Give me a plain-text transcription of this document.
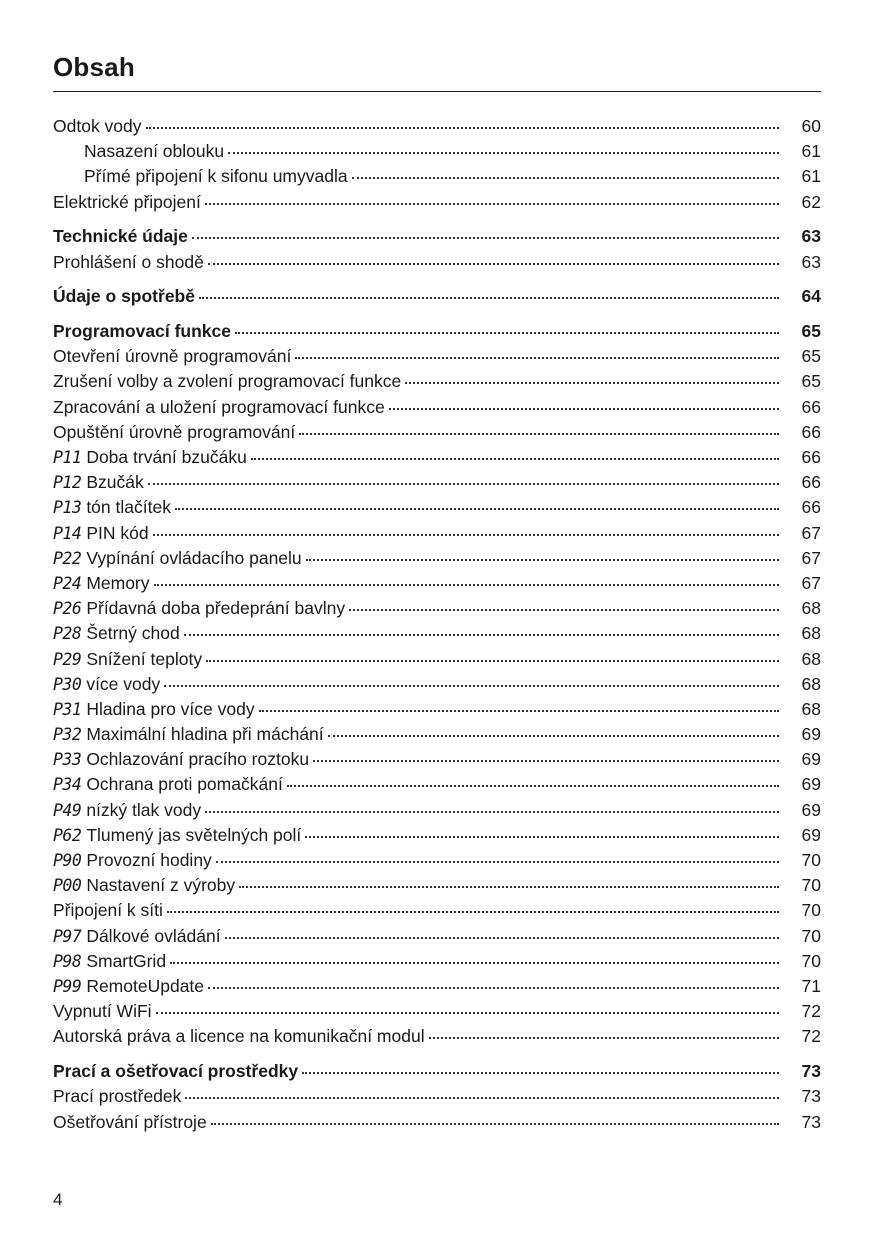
Obsah
Odtok vody	60
Nasazení oblouku	61
Přímé připojení k sifonu umyvadla	61
Elektrické připojení	62
Technické údaje	63
Prohlášení o shodě	63
Údaje o spotřebě	64
Programovací funkce	65
Otevření úrovně programování	65
Zrušení volby a zvolení programovací funkce	65
Zpracování a uložení programovací funkce	66
Opuštění úrovně programování	66
P11 Doba trvání bzučáku	66
P12 Bzučák	66
P13 tón tlačítek	66
P14 PIN kód	67
P22 Vypínání ovládacího panelu	67
P24 Memory	67
P26 Přídavná doba předeprání bavlny	68
P28 Šetrný chod	68
P29 Snížení teploty	68
P30 více vody	68
P31 Hladina pro více vody	68
P32 Maximální hladina při máchání	69
P33 Ochlazování pracího roztoku	69
P34 Ochrana proti pomačkání	69
P49 nízký tlak vody	69
P62 Tlumený jas světelných polí	69
P90 Provozní hodiny	70
P00 Nastavení z výroby	70
Připojení k síti	70
P97 Dálkové ovládání	70
P98 SmartGrid	70
P99 RemoteUpdate	71
Vypnutí WiFi	72
Autorská práva a licence na komunikační modul	72
Prací a ošetřovací prostředky	73
Prací prostředek	73
Ošetřování přístroje	73
4
